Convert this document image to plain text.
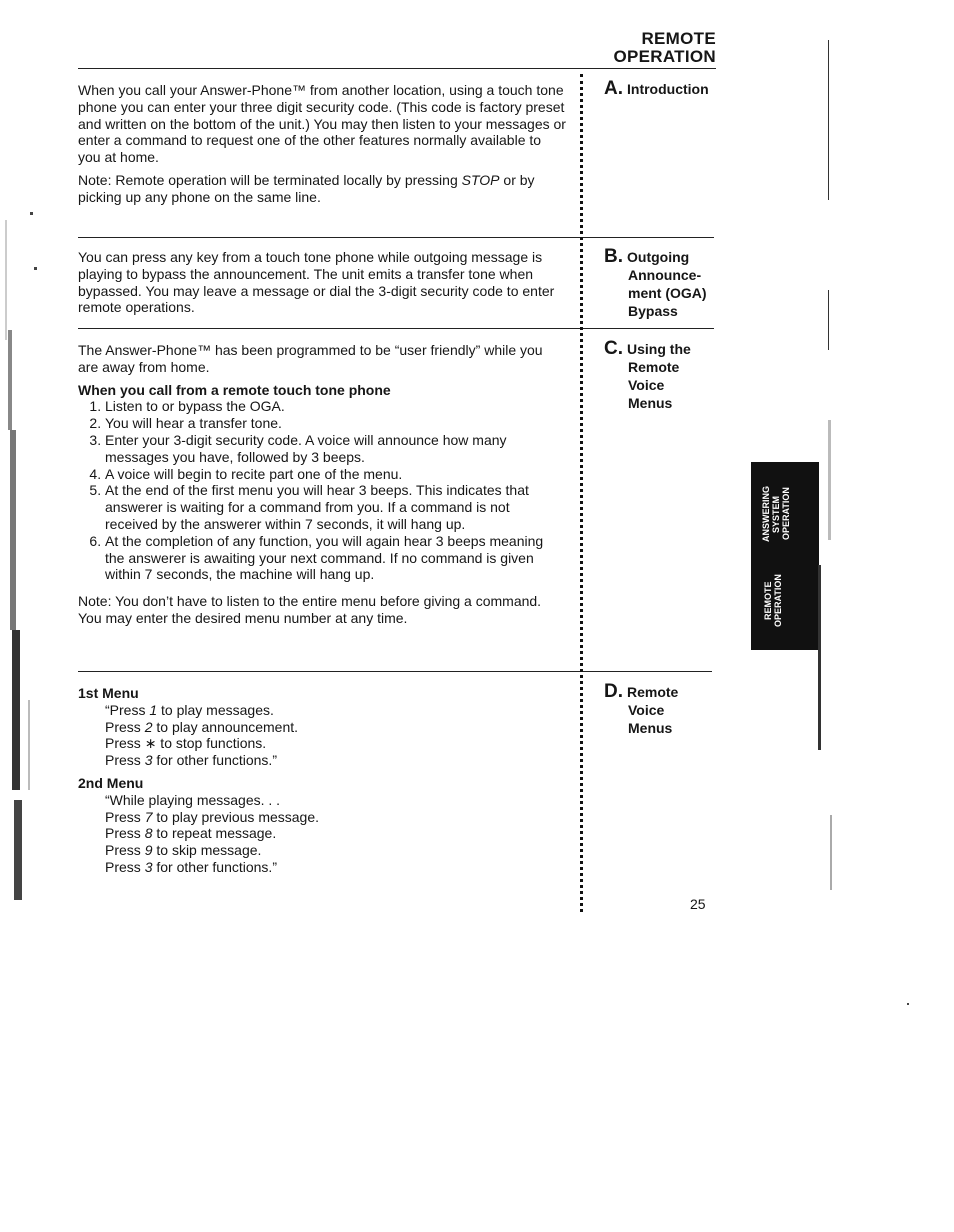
REMOTE
OPERATION

When you call your Answer-Phone™ from another location, using a touch tone phone you can enter your three digit security code. (This code is factory preset and written on the bottom of the unit.) You may then listen to your messages or enter a command to request one of the other features normally available to you at home.

Note: Remote operation will be terminated locally by pressing STOP or by picking up any phone on the same line.

A. Introduction

You can press any key from a touch tone phone while outgoing message is playing to bypass the announcement. The unit emits a transfer tone when bypassed. You may leave a message or dial the 3-digit security code to enter remote operations.

B. Outgoing
Announce-
ment (OGA)
Bypass

The Answer-Phone™ has been programmed to be “user friendly” while you are away from home.

When you call from a remote touch tone phone
1. Listen to or bypass the OGA.
2. You will hear a transfer tone.
3. Enter your 3-digit security code. A voice will announce how many messages you have, followed by 3 beeps.
4. A voice will begin to recite part one of the menu.
5. At the end of the first menu you will hear 3 beeps. This indicates that answerer is waiting for a command from you. If a command is not received by the answerer within 7 seconds, it will hang up.
6. At the completion of any function, you will again hear 3 beeps meaning the answerer is awaiting your next command. If no command is given within 7 seconds, the machine will hang up.

Note: You don’t have to listen to the entire menu before giving a command. You may enter the desired menu number at any time.

C. Using the
Remote
Voice
Menus
1st Menu
“Press 1 to play messages.
Press 2 to play announcement.
Press ∗ to stop functions.
Press 3 for other functions.”
2nd Menu
“While playing messages. . .
Press 7 to play previous message.
Press 8 to repeat message.
Press 9 to skip message.
Press 3 for other functions.”
D. Remote
Voice
Menus
25
ANSWERING SYSTEM OPERATION
REMOTE OPERATION
